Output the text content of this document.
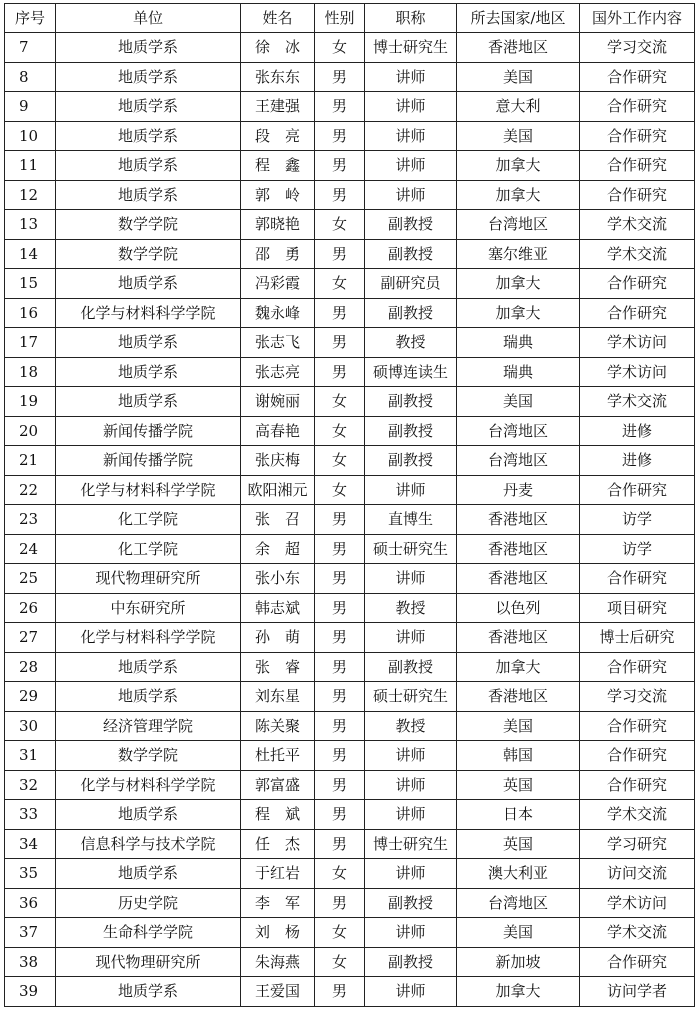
序号	单位	姓名	性别	职称	所去国家/地区	国外工作内容
7	地质学系	徐　冰	女	博士研究生	香港地区	学习交流
8	地质学系	张东东	男	讲师	美国	合作研究
9	地质学系	王建强	男	讲师	意大利	合作研究
10	地质学系	段　亮	男	讲师	美国	合作研究
11	地质学系	程　鑫	男	讲师	加拿大	合作研究
12	地质学系	郭　岭	男	讲师	加拿大	合作研究
13	数学学院	郭晓艳	女	副教授	台湾地区	学术交流
14	数学学院	邵　勇	男	副教授	塞尔维亚	学术交流
15	地质学系	冯彩霞	女	副研究员	加拿大	合作研究
16	化学与材料科学学院	魏永峰	男	副教授	加拿大	合作研究
17	地质学系	张志飞	男	教授	瑞典	学术访问
18	地质学系	张志亮	男	硕博连读生	瑞典	学术访问
19	地质学系	谢婉丽	女	副教授	美国	学术交流
20	新闻传播学院	高春艳	女	副教授	台湾地区	进修
21	新闻传播学院	张庆梅	女	副教授	台湾地区	进修
22	化学与材料科学学院	欧阳湘元	女	讲师	丹麦	合作研究
23	化工学院	张　召	男	直博生	香港地区	访学
24	化工学院	余　超	男	硕士研究生	香港地区	访学
25	现代物理研究所	张小东	男	讲师	香港地区	合作研究
26	中东研究所	韩志斌	男	教授	以色列	项目研究
27	化学与材料科学学院	孙　萌	男	讲师	香港地区	博士后研究
28	地质学系	张　睿	男	副教授	加拿大	合作研究
29	地质学系	刘东星	男	硕士研究生	香港地区	学习交流
30	经济管理学院	陈关聚	男	教授	美国	合作研究
31	数学学院	杜托平	男	讲师	韩国	合作研究
32	化学与材料科学学院	郭富盛	男	讲师	英国	合作研究
33	地质学系	程　斌	男	讲师	日本	学术交流
34	信息科学与技术学院	任　杰	男	博士研究生	英国	学习研究
35	地质学系	于红岩	女	讲师	澳大利亚	访问交流
36	历史学院	李　军	男	副教授	台湾地区	学术访问
37	生命科学学院	刘　杨	女	讲师	美国	学术交流
38	现代物理研究所	朱海燕	女	副教授	新加坡	合作研究
39	地质学系	王爱国	男	讲师	加拿大	访问学者
